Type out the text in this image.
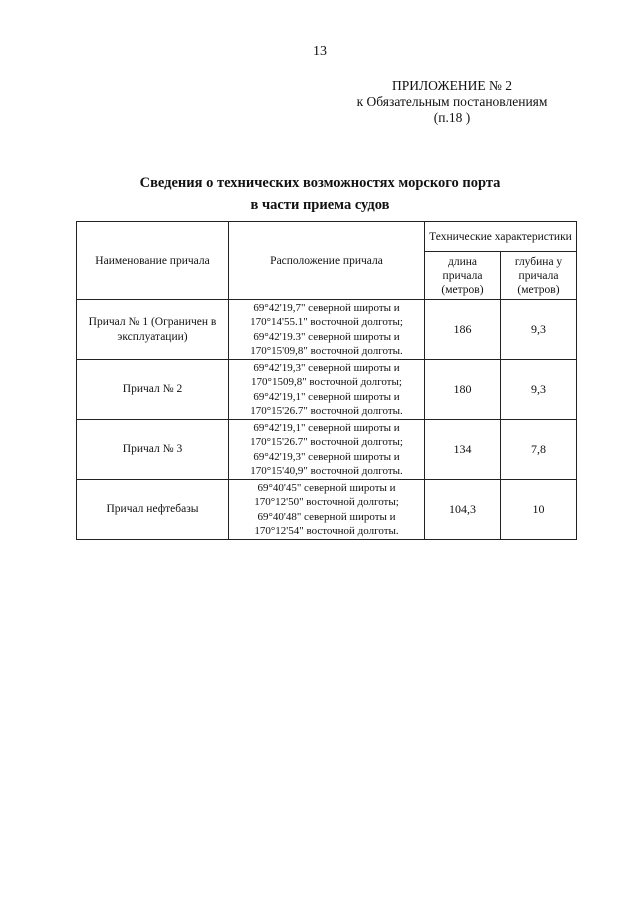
13
ПРИЛОЖЕНИЕ № 2
к Обязательным постановлениям
(п.18 )
Сведения о технических возможностях морского порта
в части приема судов
Наименование причала	Расположение причала	Технические характеристики	
		длина причала (метров)	глубина у причала (метров)
Причал № 1 (Ограничен в эксплуатации)	69°42'19,7" северной широты и
170°14'55.1" восточной долготы;
69°42'19.3" северной широты и
170°15'09,8" восточной долготы.	186	9,3
Причал № 2	69°42'19,3" северной широты и
170°1509,8" восточной долготы;
69°42'19,1" северной широты и
170°15'26.7" восточной долготы.	180	9,3
Причал № 3	69°42'19,1" северной широты и
170°15'26.7" восточной долготы;
69°42'19,3" северной широты и
170°15'40,9" восточной долготы.	134	7,8
Причал нефтебазы	69°40'45" северной широты и
170°12'50" восточной долготы;
69°40'48" северной широты и
170°12'54" восточной долготы.	104,3	10
